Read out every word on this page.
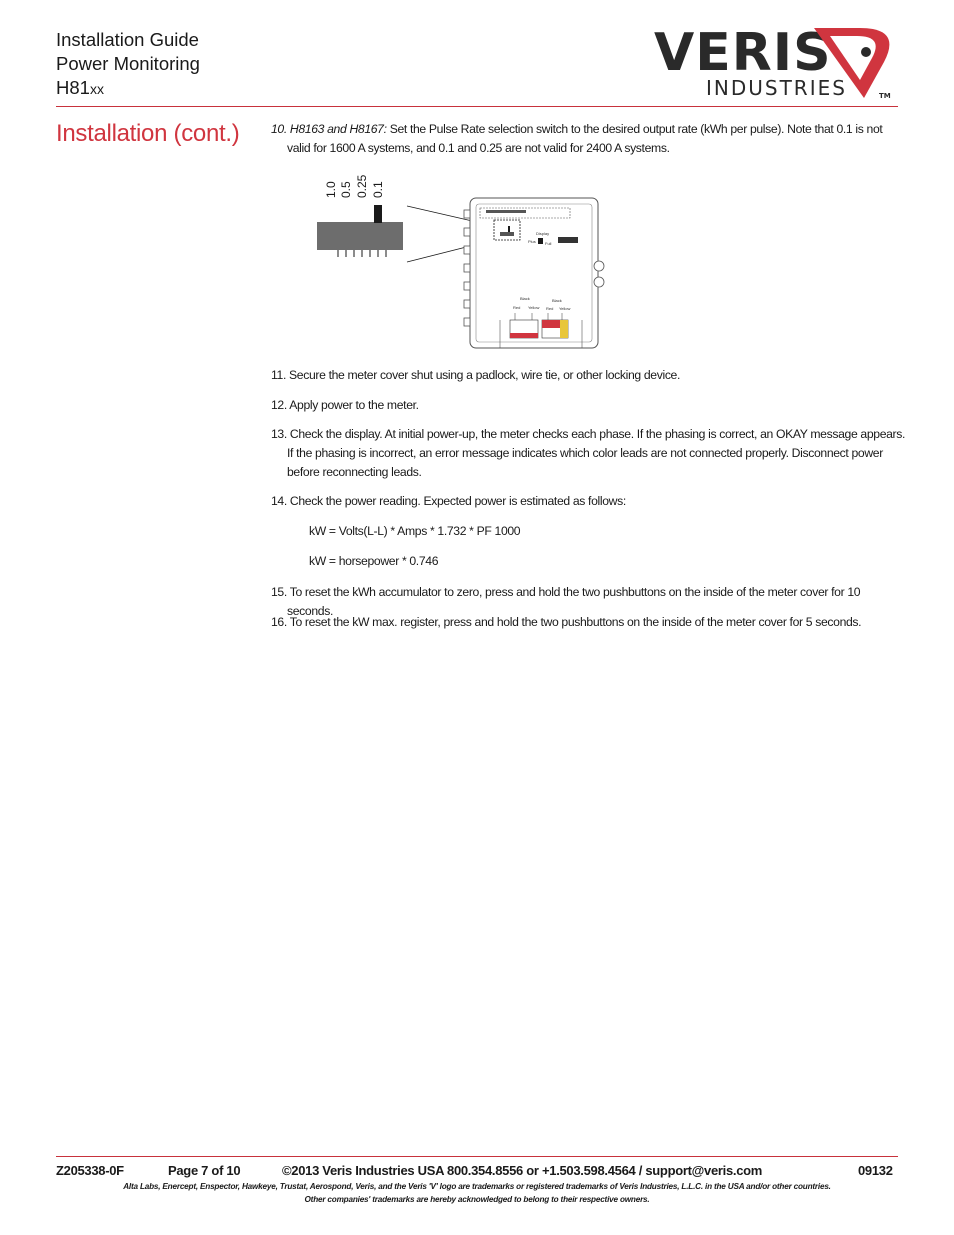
Installation Guide
Power Monitoring
H81xx
VERIS
INDUSTRIES	TM
Installation (cont.)	10. H8163 and H8167: Set the Pulse Rate selection switch to the desired output rate (kWh per pulse). Note that 0.1 is not valid for 1600 A systems, and 0.1 and 0.25 are not valid for 2400 A systems.
11. Secure the meter cover shut using a padlock, wire tie, or other locking device.
12. Apply power to the meter.
13. Check the display. At initial power-up, the meter checks each phase. If the phasing is correct, an OKAY message appears. If the phasing is incorrect, an error message indicates which color leads are not connected properly. Disconnect power before reconnecting leads.
14. Check the power reading. Expected power is estimated as follows:
kW = Volts(L-L) * Amps * 1.732 * PF 1000
kW = horsepower * 0.746
15. To reset the kWh accumulator to zero, press and hold the two pushbuttons on the inside of the meter cover for 10 seconds.
16. To reset the kW max. register, press and hold the two pushbuttons on the inside of the meter cover for 5 seconds.
1.0 0.5 0.25 0.1
Display
Plus Full
Black	Black
Red Yellow Red Yellow
Z205338-0F	Page 7 of 10	©2013 Veris Industries USA 800.354.8556 or +1.503.598.4564 / support@veris.com	09132
Alta Labs, Enercept, Enspector, Hawkeye, Trustat, Aerospond, Veris, and the Veris 'V' logo are trademarks or registered trademarks of Veris Industries, L.L.C. in the USA and/or other countries.
Other companies' trademarks are hereby acknowledged to belong to their respective owners.
